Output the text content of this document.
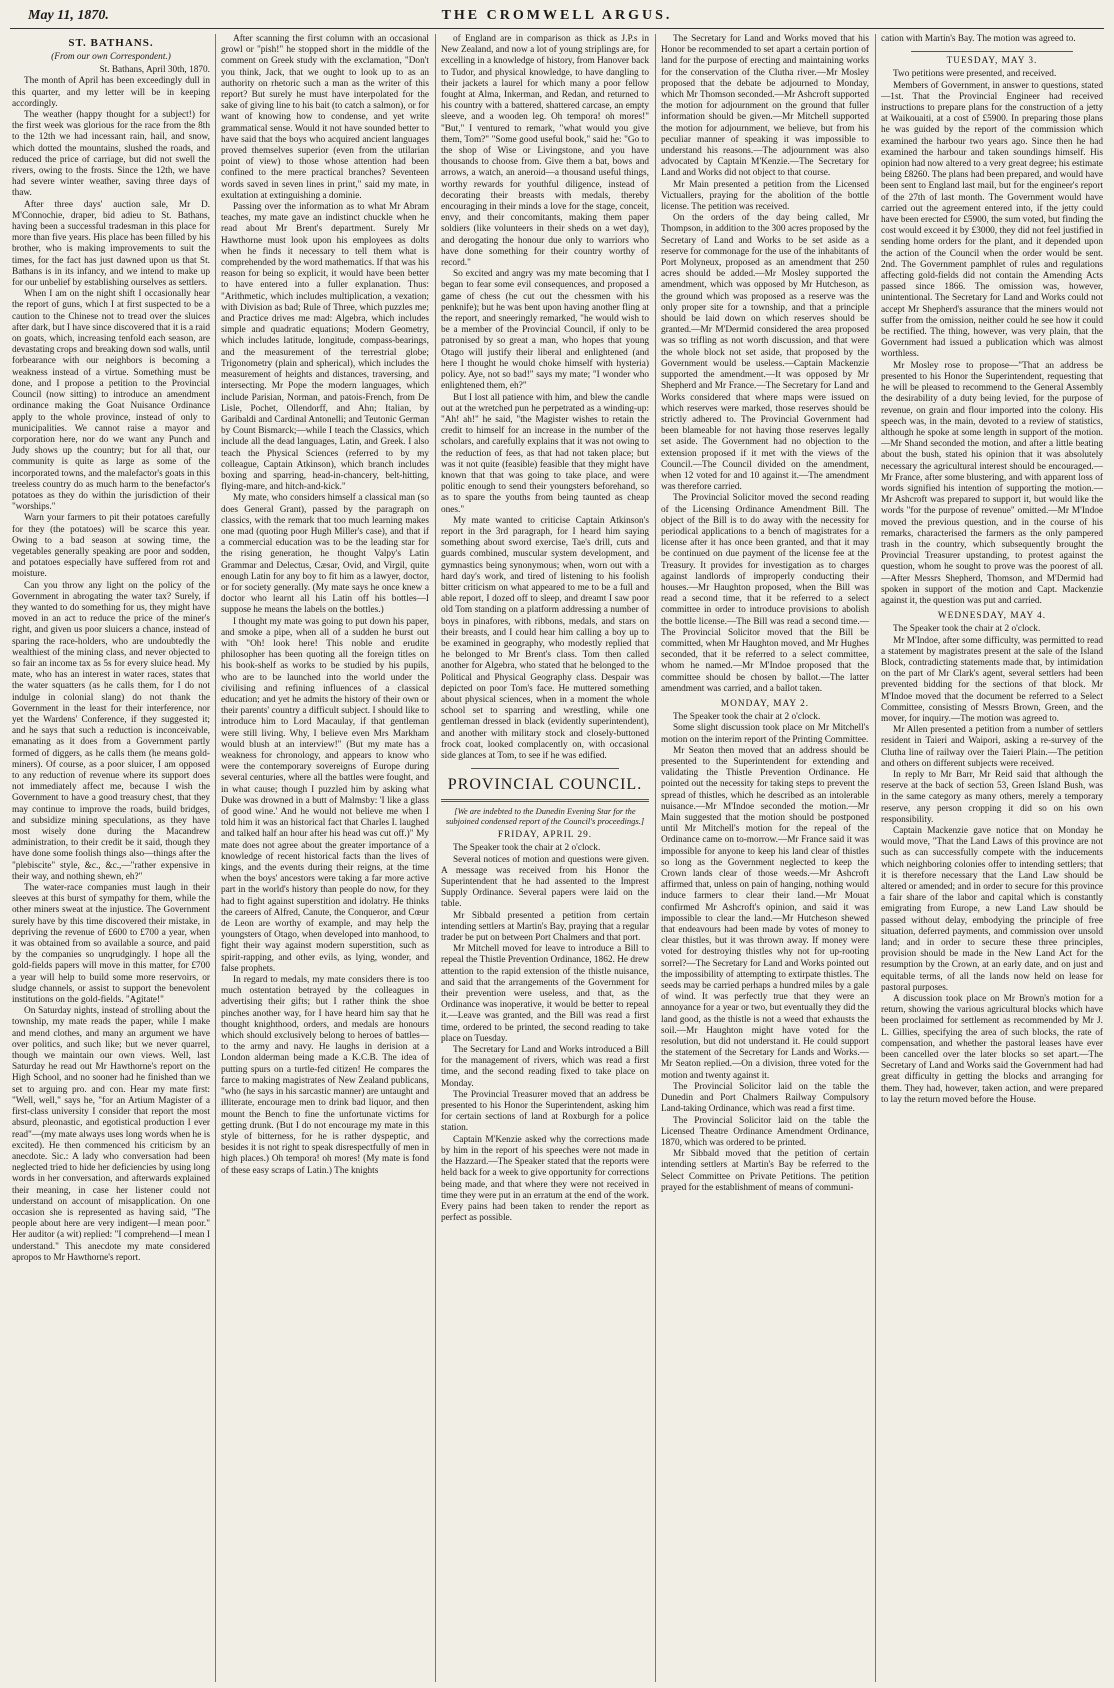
May 11, 1870.	THE CROMWELL ARGUS.
ST. BATHANS.
(From our own Correspondent.)
St. Bathans, April 30th, 1870.

The month of April has been exceedingly dull in this quarter, and my letter will be in keeping accordingly.

The weather (happy thought for a subject!) for the first week was glorious for the race from the 8th to the 12th we had incessant rain, hail, and snow, which dotted the mountains, slushed the roads, and reduced the price of carriage, but did not swell the rivers, owing to the frosts. Since the 12th, we have had severe winter weather, saving three days of thaw.

After three days' auction sale, Mr D. M'Connochie, draper, bid adieu to St. Bathans, having been a successful tradesman in this place for more than five years. His place has been filled by his brother, who is making improvements to suit the times, for the fact has just dawned upon us that St. Bathans is in its infancy, and we intend to make up for our unbelief by establishing ourselves as settlers.

When I am on the night shift I occasionally hear the report of guns, which I at first suspected to be a caution to the Chinese not to tread over the sluices after dark, but I have since discovered that it is a raid on goats, which, increasing tenfold each season, are devastating crops and breaking down sod walls, until forbearance with our neighbors is becoming a weakness instead of a virtue. Something must be done, and I propose a petition to the Provincial Council (now sitting) to introduce an amendment ordinance making the Goat Nuisance Ordinance apply to the whole province, instead of only to municipalities. We cannot raise a mayor and corporation here, nor do we want any Punch and Judy shows up the country; but for all that, our community is quite as large as some of the incorporated towns, and the malefactor's goats in this treeless country do as much harm to the benefactor's potatoes as they do within the jurisdiction of their "worships."

Warn your farmers to pit their potatoes carefully for they (the potatoes) will be scarce this year. Owing to a bad season at sowing time, the vegetables generally speaking are poor and sodden, and potatoes especially have suffered from rot and moisture.

Can you throw any light on the policy of the Government in abrogating the water tax? Surely, if they wanted to do something for us, they might have moved in an act to reduce the price of the miner's right, and given us poor sluicers a chance, instead of sparing the race-holders, who are undoubtedly the wealthiest of the mining class, and never objected to so fair an income tax as 5s for every sluice head. My mate, who has an interest in water races, states that the water squatters (as he calls them, for I do not indulge in colonial slang) do not thank the Government in the least for their interference, nor yet the Wardens' Conference, if they suggested it; and he says that such a reduction is inconceivable, emanating as it does from a Government partly formed of diggers, as he calls them (he means gold-miners). Of course, as a poor sluicer, I am opposed to any reduction of revenue where its support does not immediately affect me, because I wish the Government to have a good treasury chest, that they may continue to improve the roads, build bridges, and subsidize mining speculations, as they have most wisely done during the Macandrew administration, to their credit be it said, though they have done some foolish things also—things after the "plebiscite" style, &c., &c.,—"rather expensive in their way, and nothing shewn, eh?"

The water-race companies must laugh in their sleeves at this burst of sympathy for them, while the other miners sweat at the injustice. The Government surely have by this time discovered their mistake, in depriving the revenue of £600 to £700 a year, when it was obtained from so available a source, and paid by the companies so unqrudgingly. I hope all the gold-fields papers will move in this matter, for £700 a year will help to build some more reservoirs, or sludge channels, or assist to support the benevolent institutions on the gold-fields. "Agitate!"

On Saturday nights, instead of strolling about the township, my mate reads the paper, while I make and mend clothes, and many an argument we have over politics, and such like; but we never quarrel, though we maintain our own views. Well, last Saturday he read out Mr Hawthorne's report on the High School, and no sooner had he finished than we set to arguing pro. and con. Hear my mate first: "Well, well," says he, "for an Artium Magister of a first-class university I consider that report the most absurd, pleonastic, and egotistical production I ever read"—(my mate always uses long words when he is excited). He then commenced his criticism by an anecdote. Sic.: A lady who conversation had been neglected tried to hide her deficiencies by using long words in her conversation, and afterwards explained their meaning, in case her listener could not understand on account of misapplication. On one occasion she is represented as having said, "The people about here are very indigent—I mean poor." Her auditor (a wit) replied: "I comprehend—I mean I understand." This anecdote my mate considered apropos to Mr Hawthorne's report.

After scanning the first column with an occasional growl or "pish!" he stopped short in the middle of the comment on Greek study with the exclamation, "Don't you think, Jack, that we ought to look up to as an authority on rhetoric such a man as the writer of this report? But surely he must have interpolated for the sake of giving line to his bait (to catch a salmon), or for want of knowing how to condense, and yet write grammatical sense. Would it not have sounded better to have said that the boys who acquired ancient languages proved themselves superior (even from the utilarian point of view) to those whose attention had been confined to the mere practical branches? Seventeen words saved in seven lines in print," said my mate, in exultation at extinguishing a dominie.

Passing over the information as to what Mr Abram teaches, my mate gave an indistinct chuckle when he read about Mr Brent's department. Surely Mr Hawthorne must look upon his employees as dolts when he finds it necessary to tell them what is comprehended by the word mathematics. If that was his reason for being so explicit, it would have been better to have entered into a fuller explanation. Thus: "Arithmetic, which includes multiplication, a vexation; with Division as bad; Rule of Three, which puzzles me; and Practice drives me mad: Algebra, which includes simple and quadratic equations; Modern Geometry, which includes latitude, longitude, compass-bearings, and the measurement of the terrestrial globe; Trigonometry (plain and spherical), which includes the measurement of heights and distances, traversing, and intersecting. Mr Pope the modern languages, which include Parisian, Norman, and patois-French, from De Lisle, Pochet, Ollendorff, and Ahn; Italian, by Garibaldi and Cardinal Antonelli; and Teutonic German by Count Bismarck;—while I teach the Classics, which include all the dead languages, Latin, and Greek. I also teach the Physical Sciences (referred to by my colleague, Captain Atkinson), which branch includes boxing and sparring, head-in-chancery, belt-hitting, flying-mare, and hitch-and-kick."

My mate, who considers himself a classical man (so does General Grant), passed by the paragraph on classics, with the remark that too much learning makes one mad (quoting poor Hugh Miller's case), and that if a commercial education was to be the leading star for the rising generation, he thought Valpy's Latin Grammar and Delectus, Cæsar, Ovid, and Virgil, quite enough Latin for any boy to fit him as a lawyer, doctor, or for society generally. (My mate says he once knew a doctor who learnt all his Latin off his bottles—I suppose he means the labels on the bottles.)

I thought my mate was going to put down his paper, and smoke a pipe, when all of a sudden he burst out with "Oh! look here! This noble and erudite philosopher has been quoting all the foreign titles on his book-shelf as works to be studied by his pupils, who are to be launched into the world under the civilising and refining influences of a classical education; and yet he admits the history of their own or their parents' country a difficult subject. I should like to introduce him to Lord Macaulay, if that gentleman were still living. Why, I believe even Mrs Markham would blush at an interview!" (But my mate has a weakness for chronology, and appears to know who were the contemporary sovereigns of Europe during several centuries, where all the battles were fought, and in what cause; though I puzzled him by asking what Duke was drowned in a butt of Malmsby: 'I like a glass of good wine.' And he would not believe me when I told him it was an historical fact that Charles I. laughed and talked half an hour after his head was cut off.)" My mate does not agree about the greater importance of a knowledge of recent historical facts than the lives of kings, and the events during their reigns, at the time when the boys' ancestors were taking a far more active part in the world's history than people do now, for they had to fight against superstition and idolatry. He thinks the careers of Alfred, Canute, the Conqueror, and Cœur de Leon are worthy of example, and may help the youngsters of Otago, when developed into manhood, to fight their way against modern superstition, such as spirit-rapping, and other evils, as lying, wonder, and false prophets.

In regard to medals, my mate considers there is too much ostentation betrayed by the colleagues in advertising their gifts; but I rather think the shoe pinches another way, for I have heard him say that he thought knighthood, orders, and medals are honours which should exclusively belong to heroes of battles—to the army and navy. He laughs in derision at a London alderman being made a K.C.B. The idea of putting spurs on a turtle-fed citizen! He compares the farce to making magistrates of New Zealand publicans, "who (he says in his sarcastic manner) are untaught and illiterate, encourage men to drink bad liquor, and then mount the Bench to fine the unfortunate victims for getting drunk. (But I do not encourage my mate in this style of bitterness, for he is rather dyspeptic, and besides it is not right to speak disrespectfully of men in high places.) Oh tempora! oh mores! (My mate is fond of these easy scraps of Latin.) The knights

of England are in comparison as thick as J.P.s in New Zealand, and now a lot of young striplings are, for excelling in a knowledge of history, from Hanover back to Tudor, and physical knowledge, to have dangling to their jackets a laurel for which many a poor fellow fought at Alma, Inkerman, and Redan, and returned to his country with a battered, shattered carcase, an empty sleeve, and a wooden leg. Oh tempora! oh mores!" "But," I ventured to remark, "what would you give them, Tom?" "Some good useful book," said he: "Go to the shop of Wise or Livingstone, and you have thousands to choose from. Give them a bat, bows and arrows, a watch, an aneroid—a thousand useful things, worthy rewards for youthful diligence, instead of decorating their breasts with medals, thereby encouraging in their minds a love for the stage, conceit, envy, and their concomitants, making them paper soldiers (like volunteers in their sheds on a wet day), and derogating the honour due only to warriors who have done something for their country worthy of record."

So excited and angry was my mate becoming that I began to fear some evil consequences, and proposed a game of chess (he cut out the chessmen with his penknife); but he was bent upon having another fling at the report, and sneeringly remarked, "he would wish to be a member of the Provincial Council, if only to be patronised by so great a man, who hopes that young Otago will justify their liberal and enlightened (and here I thought he would choke himself with hysteria) policy. Aye, not so bad!" says my mate; "I wonder who enlightened them, eh?"

But I lost all patience with him, and blew the candle out at the wretched pun he perpetrated as a winding-up: "Ah! ah!" he said, "the Magister wishes to retain the credit to himself for an increase in the number of the scholars, and carefully explains that it was not owing to the reduction of fees, as that had not taken place; but was it not quite (feasible) feasible that they might have known that that was going to take place, and were politic enough to send their youngsters beforehand, so as to spare the youths from being taunted as cheap ones."

My mate wanted to criticise Captain Atkinson's report in the 3rd paragraph, for I heard him saying something about sword exercise, Tae's drill, cuts and guards combined, muscular system development, and gymnastics being synonymous; when, worn out with a hard day's work, and tired of listening to his foolish bitter criticism on what appeared to me to be a full and able report, I dozed off to sleep, and dreamt I saw poor old Tom standing on a platform addressing a number of boys in pinafores, with ribbons, medals, and stars on their breasts, and I could hear him calling a boy up to be examined in geography, who modestly replied that he belonged to Mr Brent's class. Tom then called another for Algebra, who stated that he belonged to the Political and Physical Geography class. Despair was depicted on poor Tom's face. He muttered something about physical sciences, when in a moment the whole school set to sparring and wrestling, while one gentleman dressed in black (evidently superintendent), and another with military stock and closely-buttoned frock coat, looked complacently on, with occasional side glances at Tom, to see if he was edified.

PROVINCIAL COUNCIL.
[We are indebted to the Dunedin Evening Star for the subjoined condensed report of the Council's proceedings.]
FRIDAY, APRIL 29.

The Speaker took the chair at 2 o'clock.

Several notices of motion and questions were given. A message was received from his Honor the Superintendent that he had assented to the Imprest Supply Ordinance. Several papers were laid on the table.

Mr Sibbald presented a petition from certain intending settlers at Martin's Bay, praying that a regular trader be put on between Port Chalmers and that port.

Mr Mitchell moved for leave to introduce a Bill to repeal the Thistle Prevention Ordinance, 1862. He drew attention to the rapid extension of the thistle nuisance, and said that the arrangements of the Government for their prevention were useless, and that, as the Ordinance was inoperative, it would be better to repeal it.—Leave was granted, and the Bill was read a first time, ordered to be printed, the second reading to take place on Tuesday.

The Secretary for Land and Works introduced a Bill for the management of rivers, which was read a first time, and the second reading fixed to take place on Monday.

The Provincial Treasurer moved that an address be presented to his Honor the Superintendent, asking him for certain sections of land at Roxburgh for a police station.

Captain M'Kenzie asked why the corrections made by him in the report of his speeches were not made in the Hazzard.—The Speaker stated that the reports were held back for a week to give opportunity for corrections being made, and that where they were not received in time they were put in an erratum at the end of the work. Every pains had been taken to render the report as perfect as possible.

The Secretary for Land and Works moved that his Honor be recommended to set apart a certain portion of land for the purpose of erecting and maintaining works for the conservation of the Clutha river.—Mr Mosley proposed that the debate be adjourned to Monday, which Mr Thomson seconded.—Mr Ashcroft supported the motion for adjournment on the ground that fuller information should be given.—Mr Mitchell supported the motion for adjournment, we believe, but from his peculiar manner of speaking it was impossible to understand his reasons.—The adjournment was also advocated by Captain M'Kenzie.—The Secretary for Land and Works did not object to that course.

Mr Main presented a petition from the Licensed Victuallers, praying for the abolition of the bottle license. The petition was received.

On the orders of the day being called, Mr Thompson, in addition to the 300 acres proposed by the Secretary of Land and Works to be set aside as a reserve for commonage for the use of the inhabitants of Port Molyneux, proposed as an amendment that 250 acres should be added.—Mr Mosley supported the amendment, which was opposed by Mr Hutcheson, as the ground which was proposed as a reserve was the only proper site for a township, and that a principle should be laid down on which reserves should be granted.—Mr M'Dermid considered the area proposed was so trifling as not worth discussion, and that were the whole block not set aside, that proposed by the Government would be useless.—Captain Mackenzie supported the amendment.—It was opposed by Mr Shepherd and Mr France.—The Secretary for Land and Works considered that where maps were issued on which reserves were marked, those reserves should be strictly adhered to. The Provincial Government had been blameable for not having those reserves legally set aside. The Government had no objection to the extension proposed if it met with the views of the Council.—The Council divided on the amendment, when 12 voted for and 10 against it.—The amendment was therefore carried.

The Provincial Solicitor moved the second reading of the Licensing Ordinance Amendment Bill. The object of the Bill is to do away with the necessity for periodical applications to a bench of magistrates for a license after it has once been granted, and that it may be continued on due payment of the license fee at the Treasury. It provides for investigation as to charges against landlords of improperly conducting their houses.—Mr Haughton proposed, when the Bill was read a second time, that it be referred to a select committee in order to introduce provisions to abolish the bottle license.—The Bill was read a second time.—The Provincial Solicitor moved that the Bill be committed, when Mr Haughton moved, and Mr Hughes seconded, that it be referred to a select committee, whom he named.—Mr M'Indoe proposed that the committee should be chosen by ballot.—The latter amendment was carried, and a ballot taken.

MONDAY, MAY 2.

The Speaker took the chair at 2 o'clock.

Some slight discussion took place on Mr Mitchell's motion on the interim report of the Printing Committee.

Mr Seaton then moved that an address should be presented to the Superintendent for extending and validating the Thistle Prevention Ordinance. He pointed out the necessity for taking steps to prevent the spread of thistles, which he described as an intolerable nuisance.—Mr M'Indoe seconded the motion.—Mr Main suggested that the motion should be postponed until Mr Mitchell's motion for the repeal of the Ordinance came on to-morrow.—Mr France said it was impossible for anyone to keep his land clear of thistles so long as the Government neglected to keep the Crown lands clear of those weeds.—Mr Ashcroft affirmed that, unless on pain of hanging, nothing would induce farmers to clear their land.—Mr Mouat confirmed Mr Ashcroft's opinion, and said it was impossible to clear the land.—Mr Hutcheson shewed that endeavours had been made by votes of money to clear thistles, but it was thrown away. If money were voted for destroying thistles why not for up-rooting sorrel?—The Secretary for Land and Works pointed out the impossibility of attempting to extirpate thistles. The seeds may be carried perhaps a hundred miles by a gale of wind. It was perfectly true that they were an annoyance for a year or two, but eventually they did the land good, as the thistle is not a weed that exhausts the soil.—Mr Haughton might have voted for the resolution, but did not understand it. He could support the statement of the Secretary for Lands and Works.—Mr Seaton replied.—On a division, three voted for the motion and twenty against it.

The Provincial Solicitor laid on the table the Dunedin and Port Chalmers Railway Compulsory Land-taking Ordinance, which was read a first time.

The Provincial Solicitor laid on the table the Licensed Theatre Ordinance Amendment Ordinance, 1870, which was ordered to be printed.

Mr Sibbald moved that the petition of certain intending settlers at Martin's Bay be referred to the Select Committee on Private Petitions. The petition prayed for the establishment of means of communi-

cation with Martin's Bay. The motion was agreed to.

TUESDAY, MAY 3.

Two petitions were presented, and received.

Members of Government, in answer to questions, stated—1st. That the Provincial Engineer had received instructions to prepare plans for the construction of a jetty at Waikouaiti, at a cost of £5900. In preparing those plans he was guided by the report of the commission which examined the harbour two years ago. Since then he had examined the harbour and taken soundings himself. His opinion had now altered to a very great degree; his estimate being £8260. The plans had been prepared, and would have been sent to England last mail, but for the engineer's report of the 27th of last month. The Government would have carried out the agreement entered into, if the jetty could have been erected for £5900, the sum voted, but finding the cost would exceed it by £3000, they did not feel justified in sending home orders for the plant, and it depended upon the action of the Council when the order would be sent. 2nd. The Government pamphlet of rules and regulations affecting gold-fields did not contain the Amending Acts passed since 1866. The omission was, however, unintentional. The Secretary for Land and Works could not accept Mr Shepherd's assurance that the miners would not suffer from the omission, neither could he see how it could be rectified. The thing, however, was very plain, that the Government had issued a publication which was almost worthless.

Mr Mosley rose to propose—"That an address be presented to his Honor the Superintendent, requesting that he will be pleased to recommend to the General Assembly the desirability of a duty being levied, for the purpose of revenue, on grain and flour imported into the colony. His speech was, in the main, devoted to a review of statistics, although he spoke at some length in support of the motion.—Mr Shand seconded the motion, and after a little beating about the bush, stated his opinion that it was absolutely necessary the agricultural interest should be encouraged.—Mr France, after some blustering, and with apparent loss of words signified his intention of supporting the motion.—Mr Ashcroft was prepared to support it, but would like the words "for the purpose of revenue" omitted.—Mr M'Indoe moved the previous question, and in the course of his remarks, characterised the farmers as the only pampered trash in the country, which subsequently brought the Provincial Treasurer upstanding, to protest against the question, whom he sought to prove was the poorest of all.—After Messrs Shepherd, Thomson, and M'Dermid had spoken in support of the motion and Capt. Mackenzie against it, the question was put and carried.

WEDNESDAY, MAY 4.

The Speaker took the chair at 2 o'clock.

Mr M'Indoe, after some difficulty, was permitted to read a statement by magistrates present at the sale of the Island Block, contradicting statements made that, by intimidation on the part of Mr Clark's agent, several settlers had been prevented bidding for the sections of that block. Mr M'Indoe moved that the document be referred to a Select Committee, consisting of Messrs Brown, Green, and the mover, for inquiry.—The motion was agreed to.

Mr Allen presented a petition from a number of settlers resident in Taieri and Waipori, asking a re-survey of the Clutha line of railway over the Taieri Plain.—The petition and others on different subjects were received.

In reply to Mr Barr, Mr Reid said that although the reserve at the back of section 53, Green Island Bush, was in the same category as many others, merely a temporary reserve, any person cropping it did so on his own responsibility.

Captain Mackenzie gave notice that on Monday he would move, "That the Land Laws of this province are not such as can successfully compete with the inducements which neighboring colonies offer to intending settlers; that it is therefore necessary that the Land Law should be altered or amended; and in order to secure for this province a fair share of the labor and capital which is constantly emigrating from Europe, a new Land Law should be passed without delay, embodying the principle of free situation, deferred payments, and commission over unsold land; and in order to secure these three principles, provision should be made in the New Land Act for the resumption by the Crown, at an early date, and on just and equitable terms, of all the lands now held on lease for pastoral purposes.

A discussion took place on Mr Brown's motion for a return, showing the various agricultural blocks which have been proclaimed for settlement as recommended by Mr J. L. Gillies, specifying the area of such blocks, the rate of compensation, and whether the pastoral leases have ever been cancelled over the later blocks so set apart.—The Secretary of Land and Works said the Government had had great difficulty in getting the blocks and arranging for them. They had, however, taken action, and were prepared to lay the return moved before the House.
